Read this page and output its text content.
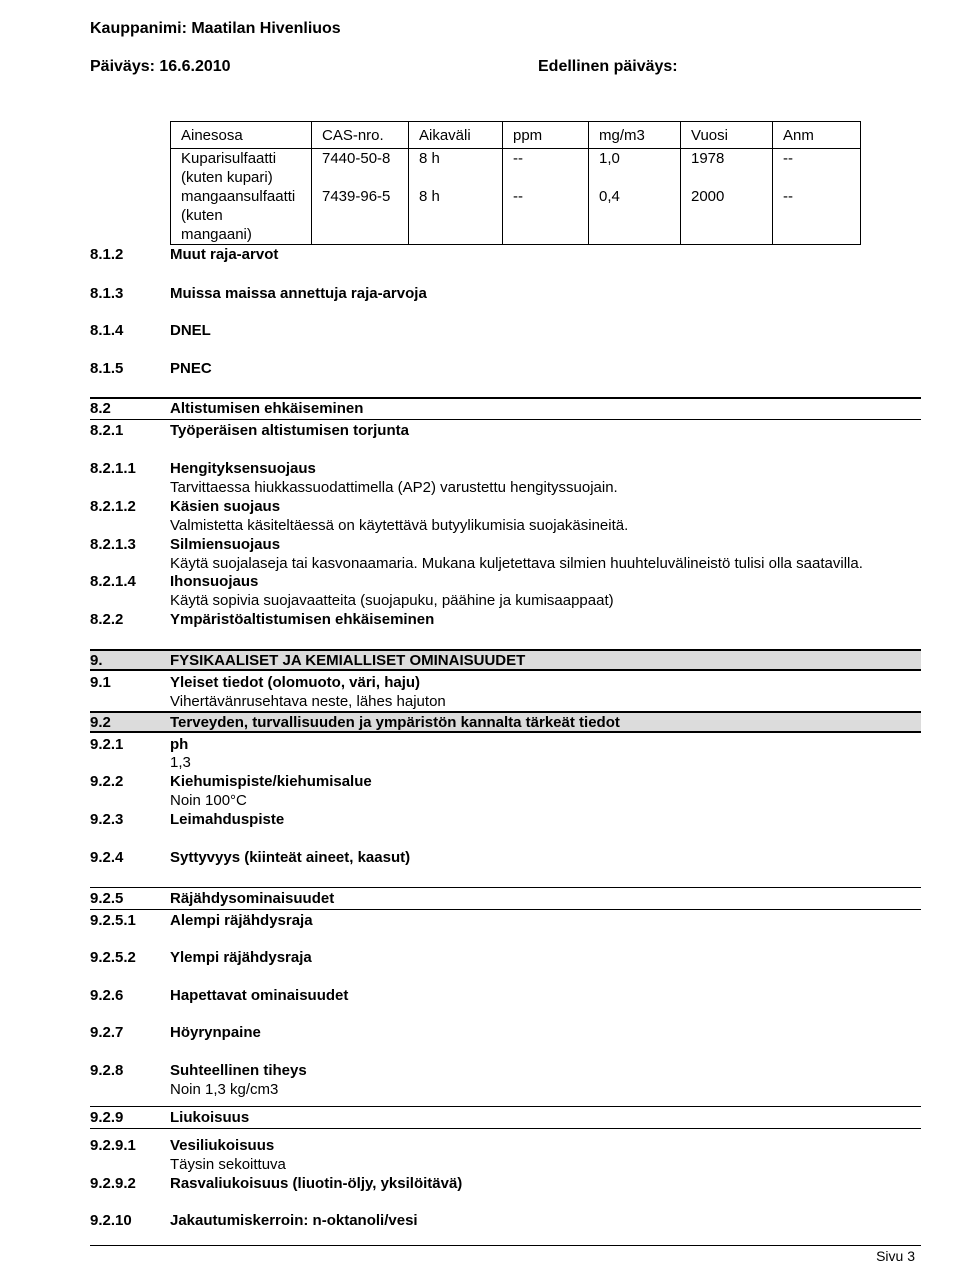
Kauppanimi: Maatilan Hivenliuos
Päiväys: 16.6.2010	Edellinen päiväys:
Ainesosa	CAS-nro.	Aikaväli	ppm	mg/m3	Vuosi	Anm

Kuparisulfaatti
(kuten kupari)	7440-50-8	8 h	--	1,0	1978	--

mangaansulfaatti
(kuten
mangaani)	7439-96-5	8 h	--	0,4	2000	--
8.1.2	Muut raja-arvot
8.1.3	Muissa maissa annettuja raja-arvoja
8.1.4	DNEL
8.1.5	PNEC
8.2	Altistumisen ehkäiseminen
8.2.1	Työperäisen altistumisen torjunta
8.2.1.1 Hengityksensuojaus
Tarvittaessa hiukkassuodattimella (AP2) varustettu hengityssuojain.
8.2.1.2 Käsien suojaus
Valmistetta käsiteltäessä on käytettävä butyylikumisia suojakäsineitä.
8.2.1.3 Silmiensuojaus
Käytä suojalaseja tai kasvonaamaria. Mukana kuljetettava silmien huuhteluvälineistö tulisi olla saatavilla.
8.2.1.4 Ihonsuojaus
Käytä sopivia suojavaatteita (suojapuku, päähine ja kumisaappaat)
8.2.2	Ympäristöaltistumisen ehkäiseminen
9.	FYSIKAALISET JA KEMIALLISET OMINAISUUDET
9.1	Yleiset tiedot (olomuoto, väri, haju)
Vihertävänrusehtava neste, lähes hajuton
9.2	Terveyden, turvallisuuden ja ympäristön kannalta tärkeät tiedot
9.2.1	ph
1,3
9.2.2	Kiehumispiste/kiehumisalue
Noin 100°C
9.2.3	Leimahduspiste
9.2.4	Syttyvyys (kiinteät aineet, kaasut)
9.2.5	Räjähdysominaisuudet
9.2.5.1 Alempi räjähdysraja
9.2.5.2 Ylempi räjähdysraja
9.2.6	Hapettavat ominaisuudet
9.2.7	Höyrynpaine
9.2.8	Suhteellinen tiheys
Noin 1,3 kg/cm3
9.2.9	Liukoisuus
9.2.9.1 Vesiliukoisuus
Täysin sekoittuva
9.2.9.2 Rasvaliukoisuus (liuotin-öljy, yksilöitävä)
9.2.10	Jakautumiskerroin: n-oktanoli/vesi
Sivu 3
